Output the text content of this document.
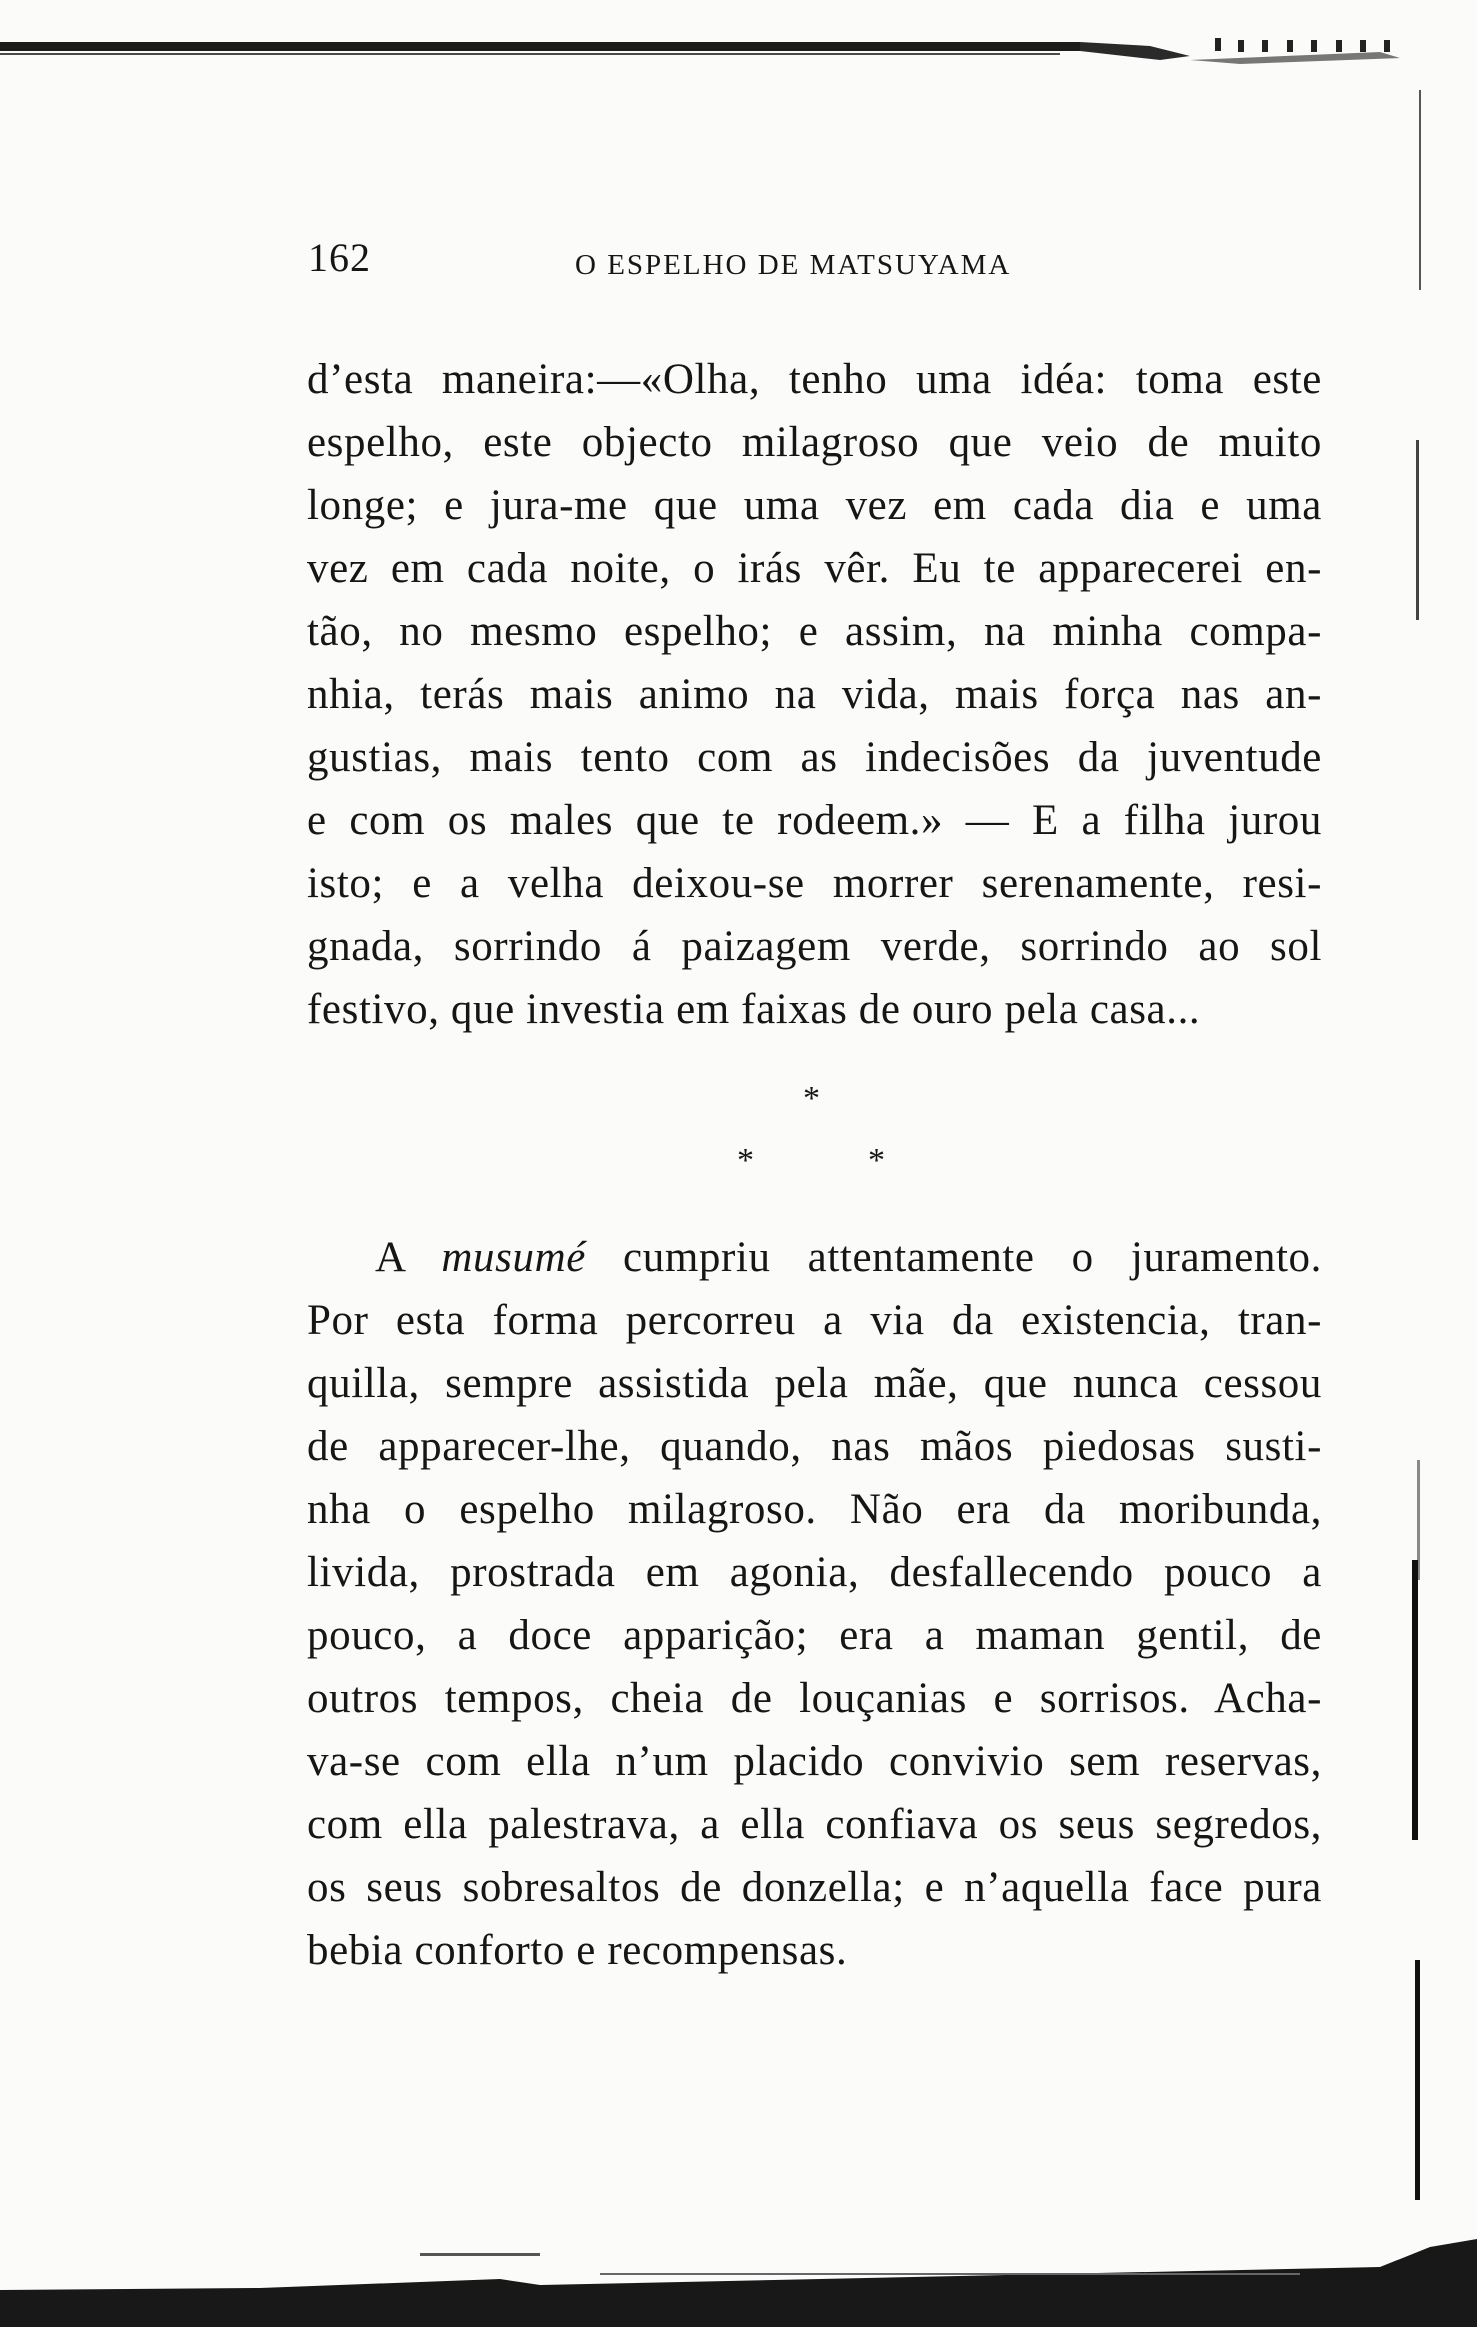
162	O ESPELHO DE MATSUYAMA
d’esta maneira:—«Olha, tenho uma idéa: toma este
espelho, este objecto milagroso que veio de muito
longe; e jura-me que uma vez em cada dia e uma
vez em cada noite, o irás vêr. Eu te apparecerei en-
tão, no mesmo espelho; e assim, na minha compa-
nhia, terás mais animo na vida, mais força nas an-
gustias, mais tento com as indecisões da juventude
e com os males que te rodeem.» — E a filha jurou
isto; e a velha deixou-se morrer serenamente, resi-
gnada, sorrindo á paizagem verde, sorrindo ao sol
festivo, que investia em faixas de ouro pela casa...
*
*	*
A musumé cumpriu attentamente o juramento.
Por esta forma percorreu a via da existencia, tran-
quilla, sempre assistida pela mãe, que nunca cessou
de apparecer-lhe, quando, nas mãos piedosas susti-
nha o espelho milagroso. Não era da moribunda,
livida, prostrada em agonia, desfallecendo pouco a
pouco, a doce apparição; era a maman gentil, de
outros tempos, cheia de louçanias e sorrisos. Acha-
va-se com ella n’um placido convivio sem reservas,
com ella palestrava, a ella confiava os seus segredos,
os seus sobresaltos de donzella; e n’aquella face pura
bebia conforto e recompensas.
